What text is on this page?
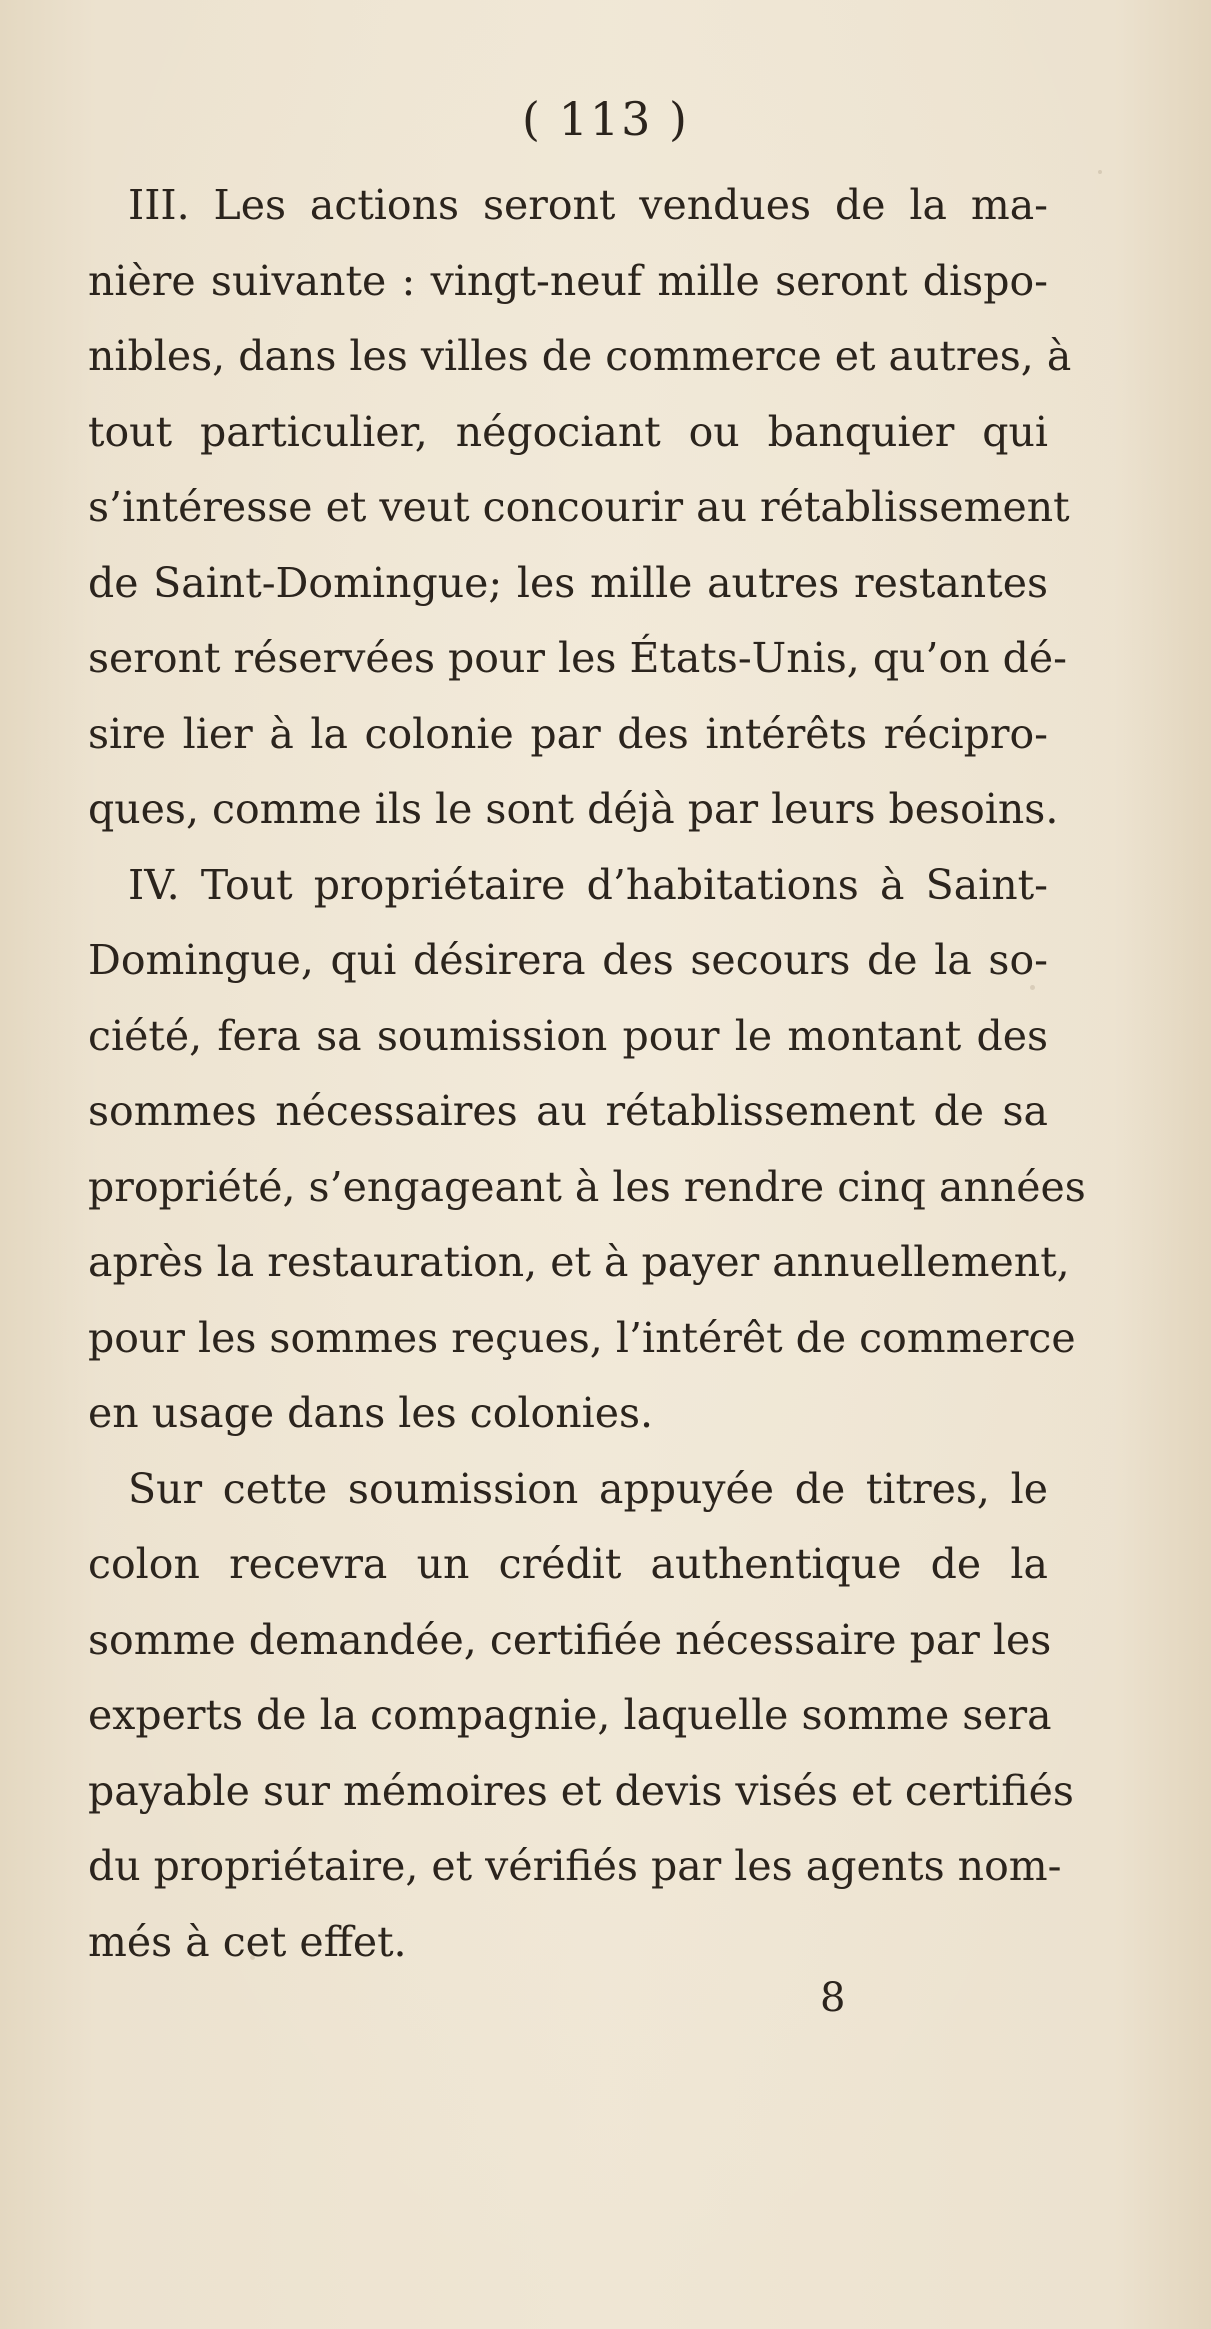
( 113 )
III. Les actions seront vendues de la ma-
nière suivante : vingt-neuf mille seront dispo-
nibles, dans les villes de commerce et autres, à
tout particulier, négociant ou banquier qui
s’intéresse et veut concourir au rétablissement
de Saint-Domingue; les mille autres restantes
seront réservées pour les États-Unis, qu’on dé-
sire lier à la colonie par des intérêts récipro-
ques, comme ils le sont déjà par leurs besoins.
IV. Tout propriétaire d’habitations à Saint-
Domingue, qui désirera des secours de la so-
ciété, fera sa soumission pour le montant des
sommes nécessaires au rétablissement de sa
propriété, s’engageant à les rendre cinq années
après la restauration, et à payer annuellement,
pour les sommes reçues, l’intérêt de commerce
en usage dans les colonies.
Sur cette soumission appuyée de titres, le
colon recevra un crédit authentique de la
somme demandée, certifiée nécessaire par les
experts de la compagnie, laquelle somme sera
payable sur mémoires et devis visés et certifiés
du propriétaire, et vérifiés par les agents nom-
més à cet effet.
8
